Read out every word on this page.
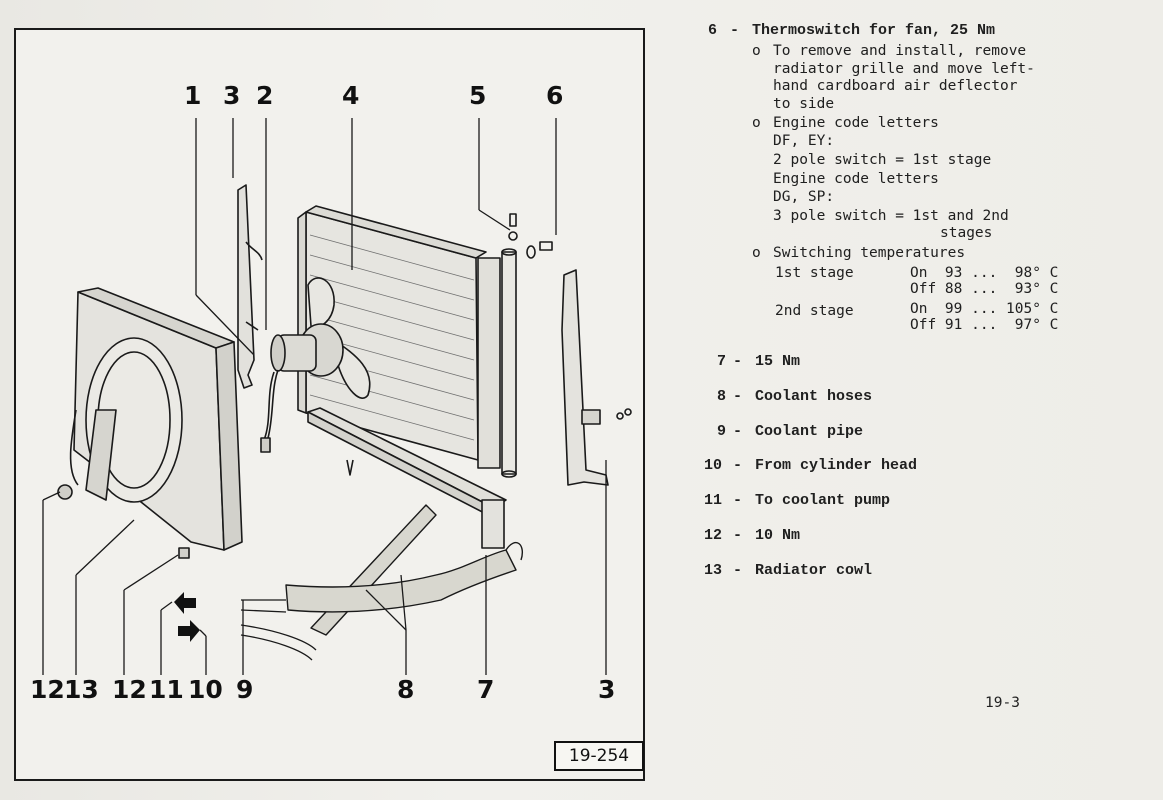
1 3 2	4	5 6
12 13 12 11 10 9	8	7	3
19-254
6 - Thermoswitch for fan, 25 Nm
o To remove and install, remove
radiator grille and move left-
hand cardboard air deflector
to side
o Engine code letters
DF, EY:
2 pole switch = 1st stage
Engine code letters
DG, SP:
3 pole switch = 1st and 2nd
stages
o Switching temperatures
1st stage	On  93 ...  98° C
Off 88 ...  93° C
2nd stage	On  99 ... 105° C
Off 91 ...  97° C
7 - 15 Nm
8 - Coolant hoses
9 - Coolant pipe
10 - From cylinder head
11 - To coolant pump
12 - 10 Nm
13 - Radiator cowl
19-3
